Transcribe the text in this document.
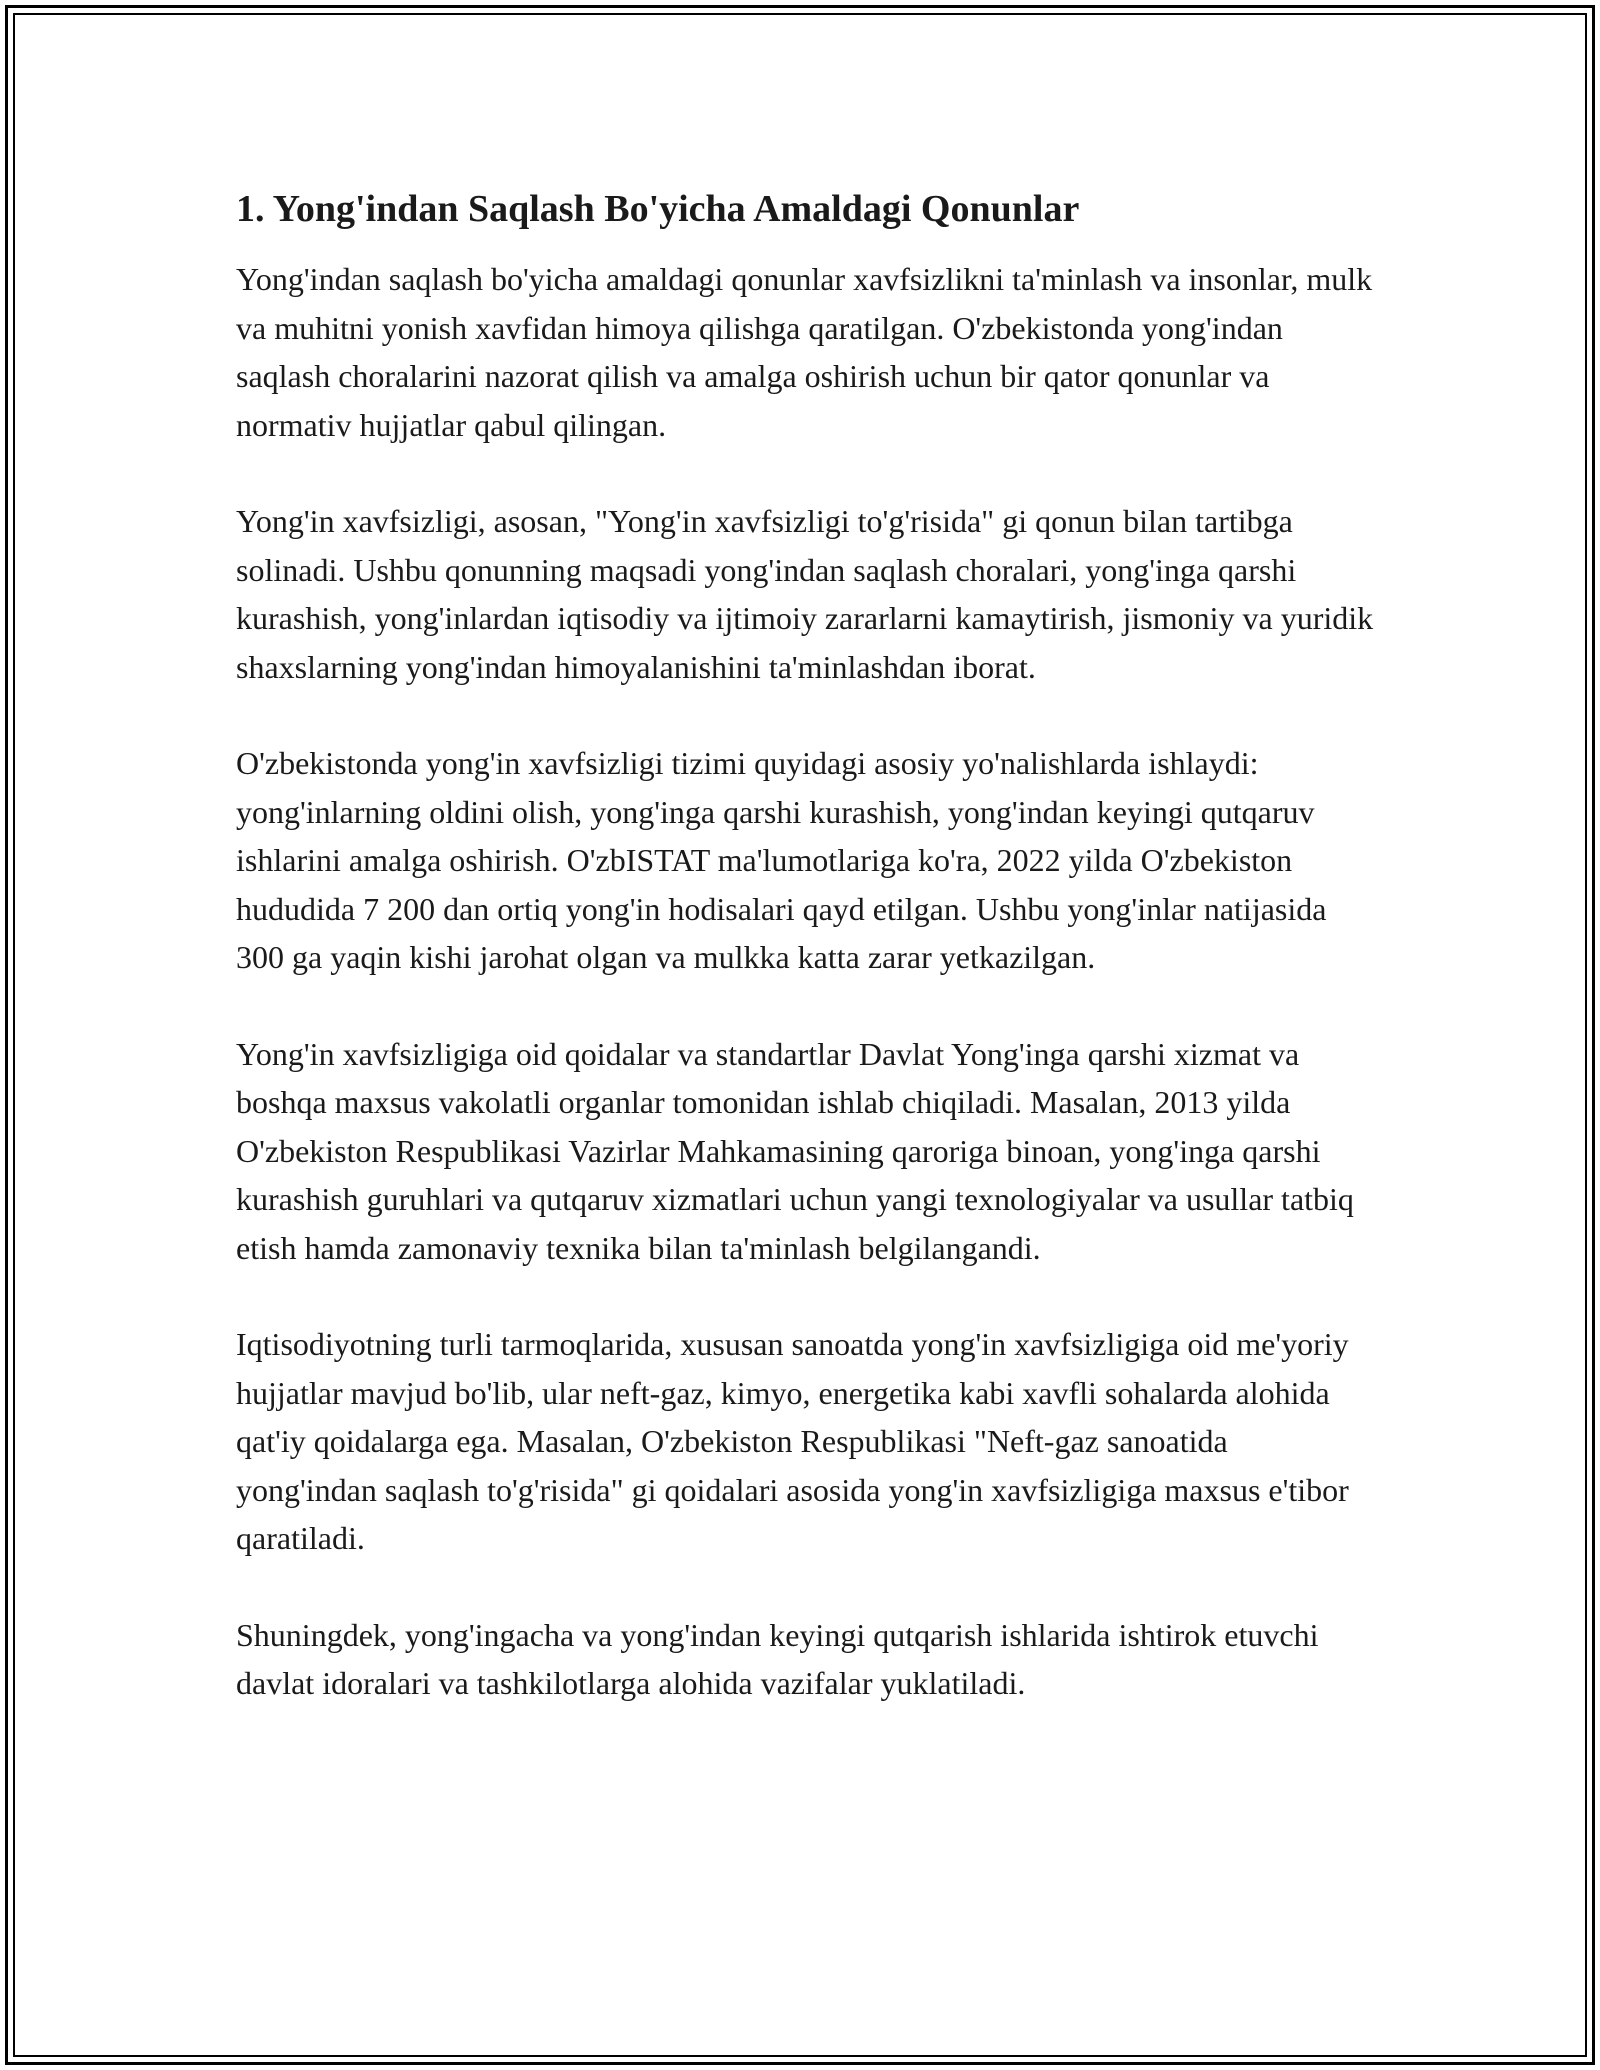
1. Yong'indan Saqlash Bo'yicha Amaldagi Qonunlar

Yong'indan saqlash bo'yicha amaldagi qonunlar xavfsizlikni ta'minlash va insonlar, mulk va muhitni yonish xavfidan himoya qilishga qaratilgan. O'zbekistonda yong'indan saqlash choralarini nazorat qilish va amalga oshirish uchun bir qator qonunlar va normativ hujjatlar qabul qilingan.

Yong'in xavfsizligi, asosan, "Yong'in xavfsizligi to'g'risida" gi qonun bilan tartibga solinadi. Ushbu qonunning maqsadi yong'indan saqlash choralari, yong'inga qarshi kurashish, yong'inlardan iqtisodiy va ijtimoiy zararlarni kamaytirish, jismoniy va yuridik shaxslarning yong'indan himoyalanishini ta'minlashdan iborat.

O'zbekistonda yong'in xavfsizligi tizimi quyidagi asosiy yo'nalishlarda ishlaydi: yong'inlarning oldini olish, yong'inga qarshi kurashish, yong'indan keyingi qutqaruv ishlarini amalga oshirish. O'zbISTAT ma'lumotlariga ko'ra, 2022 yilda O'zbekiston hududida 7 200 dan ortiq yong'in hodisalari qayd etilgan. Ushbu yong'inlar natijasida 300 ga yaqin kishi jarohat olgan va mulkka katta zarar yetkazilgan.

Yong'in xavfsizligiga oid qoidalar va standartlar Davlat Yong'inga qarshi xizmat va boshqa maxsus vakolatli organlar tomonidan ishlab chiqiladi. Masalan, 2013 yilda O'zbekiston Respublikasi Vazirlar Mahkamasining qaroriga binoan, yong'inga qarshi kurashish guruhlari va qutqaruv xizmatlari uchun yangi texnologiyalar va usullar tatbiq etish hamda zamonaviy texnika bilan ta'minlash belgilangandi.

Iqtisodiyotning turli tarmoqlarida, xususan sanoatda yong'in xavfsizligiga oid me'yoriy hujjatlar mavjud bo'lib, ular neft-gaz, kimyo, energetika kabi xavfli sohalarda alohida qat'iy qoidalarga ega. Masalan, O'zbekiston Respublikasi "Neft-gaz sanoatida yong'indan saqlash to'g'risida" gi qoidalari asosida yong'in xavfsizligiga maxsus e'tibor qaratiladi.

Shuningdek, yong'ingacha va yong'indan keyingi qutqarish ishlarida ishtirok etuvchi davlat idoralari va tashkilotlarga alohida vazifalar yuklatiladi.
